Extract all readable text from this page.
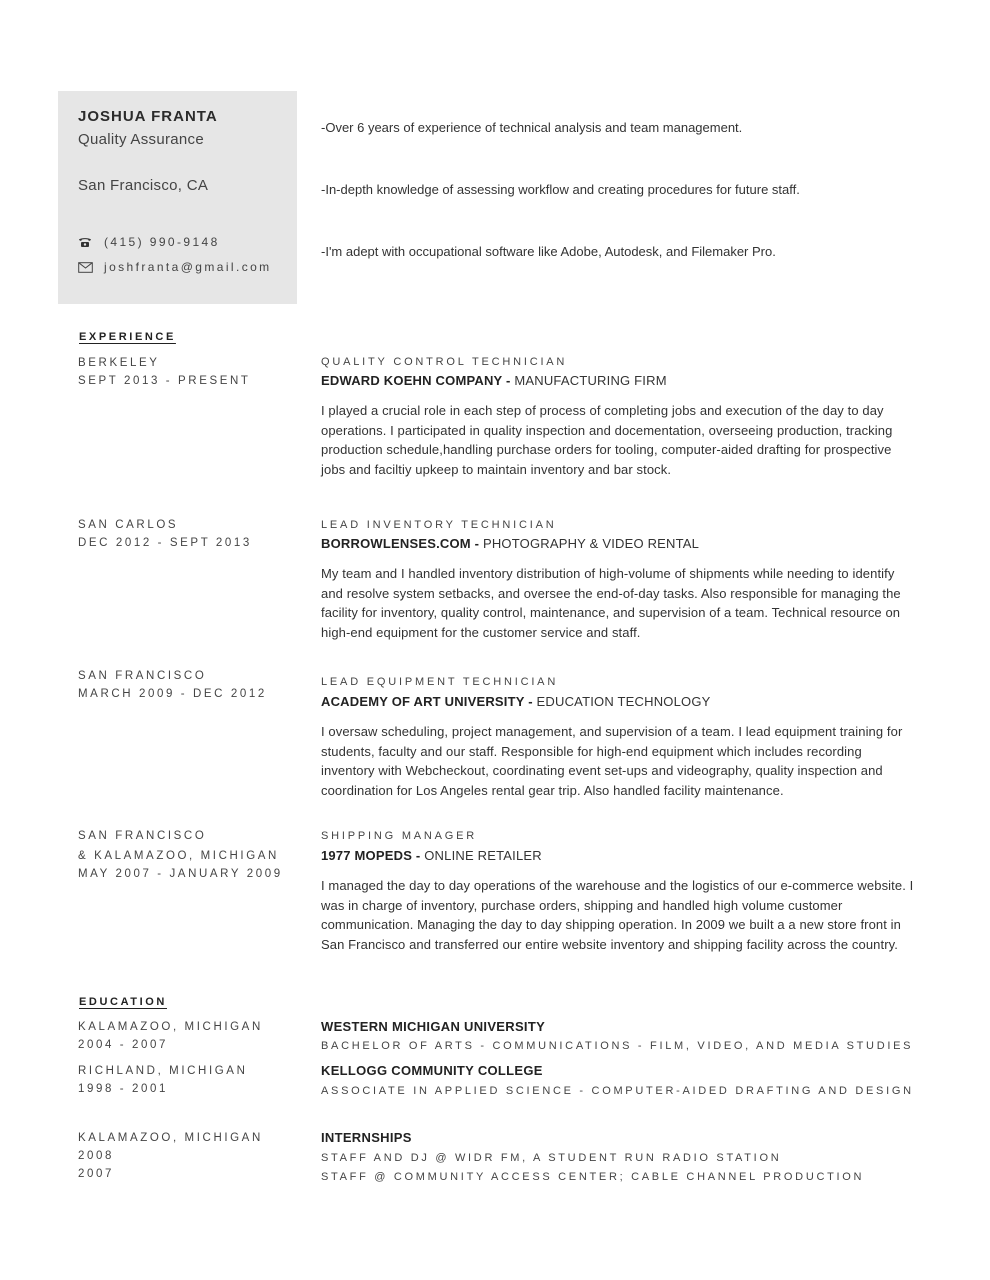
JOSHUA FRANTA
Quality Assurance
San Francisco, CA
(415) 990-9148
joshfranta@gmail.com
-Over 6 years of experience of technical analysis and team management.
-In-depth knowledge of assessing workflow and creating procedures for future staff.
-I'm adept with occupational software like Adobe, Autodesk, and Filemaker Pro.
EXPERIENCE
BERKELEY
SEPT 2013 - PRESENT
QUALITY CONTROL TECHNICIAN
EDWARD KOEHN COMPANY - MANUFACTURING FIRM
I played a crucial role in each step of process of completing jobs and execution of the day to day operations. I participated in quality inspection and docementation, overseeing production, tracking production schedule,handling purchase orders for tooling, computer-aided drafting for prospective jobs and faciltiy upkeep to maintain inventory and bar stock.
SAN CARLOS
DEC 2012 - SEPT 2013
LEAD INVENTORY TECHNICIAN
BORROWLENSES.COM - PHOTOGRAPHY & VIDEO RENTAL
My team and I handled inventory distribution of high-volume of shipments while needing to identify and resolve system setbacks, and oversee the end-of-day tasks. Also responsible for managing the facility for inventory, quality control, maintenance, and supervision of a team. Technical resource on high-end equipment for the customer service and staff.
SAN FRANCISCO
MARCH 2009 - DEC 2012
LEAD EQUIPMENT TECHNICIAN
ACADEMY OF ART UNIVERSITY - EDUCATION TECHNOLOGY
I oversaw scheduling, project management, and supervision of a team. I lead equipment training for students, faculty and our staff. Responsible for high-end equipment which includes recording inventory with Webcheckout, coordinating event set-ups and videography, quality inspection and coordination for Los Angeles rental gear trip. Also handled facility maintenance.
SAN FRANCISCO
& KALAMAZOO, MICHIGAN
MAY 2007 - JANUARY 2009
SHIPPING MANAGER
1977 MOPEDS - ONLINE RETAILER
I managed the day to day operations of the warehouse and the logistics of our e-commerce website. I was in charge of inventory, purchase orders, shipping and handled high volume customer communication. Managing the day to day shipping operation. In 2009 we built a a new store front in San Francisco and transferred our entire website inventory and shipping facility across the country.
EDUCATION
KALAMAZOO, MICHIGAN
2004 - 2007
WESTERN MICHIGAN UNIVERSITY
BACHELOR OF ARTS - COMMUNICATIONS - FILM, VIDEO, AND MEDIA STUDIES
RICHLAND, MICHIGAN
1998 - 2001
KELLOGG COMMUNITY COLLEGE
ASSOCIATE IN APPLIED SCIENCE - COMPUTER-AIDED DRAFTING AND DESIGN
KALAMAZOO, MICHIGAN
2008
2007
INTERNSHIPS
STAFF AND DJ @ WIDR FM, A STUDENT RUN RADIO STATION
STAFF @ COMMUNITY ACCESS CENTER; CABLE CHANNEL PRODUCTION
